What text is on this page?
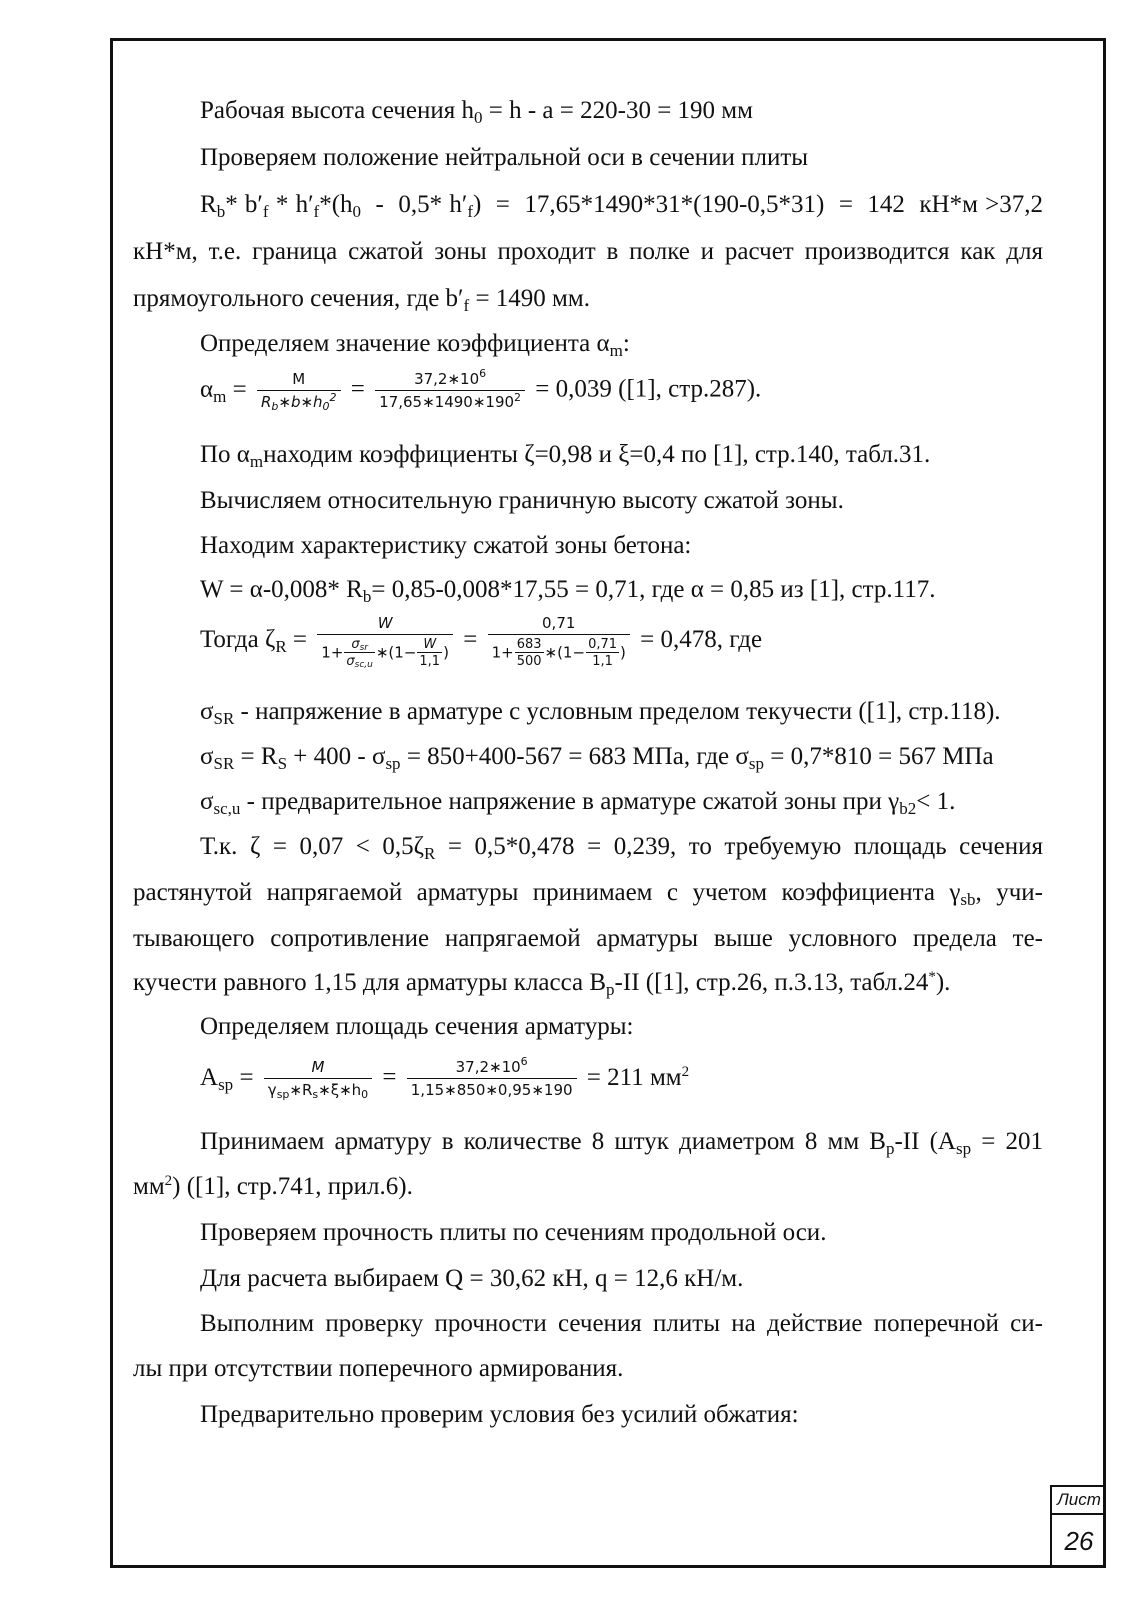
Рабочая высота сечения $h_0 = h - a = 220-30 = 190$ мм
Проверяем положение нейтральной оси в сечении плиты
$R_b*$ $b'_f * h'_f*(h_0 - 0,5*$ $h'_f) = 17,65*1490*31*(190-0,5*31) = 142$  кН*м >37,2
кН*м, т.е. граница сжатой зоны проходит в полке и расчет производится как для
прямоугольного сечения, где $b'_f = 1490$ мм.
Определяем значение коэффициента $\alpha_m$:
$\alpha_m = \frac{M}{R_b∗b∗h_0^2} = \frac{37,2∗10^6}{17,65∗1490∗190^2} = 0,039$ ([1], стр.287).
По $\alpha_mнаходим$ коэффициенты ζ=0,98 и ξ=0,4 по [1], стр.140, табл.31.
Вычисляем относительную граничную высоту сжатой зоны.
Находим характеристику сжатой зоны бетона:
W = α-0,008* $R_b= 0,85-0,008*17,55 = 0,71$, где α = 0,85 из [1], стр.117.
Тогда $\zeta_R = \frac{W}{1+ \frac{\sigma_{sr}}{\sigma_{sc,u}} ∗(1- \frac{W}{1,1} )} = \frac{0,71}{1+ \frac{683}{500} ∗(1- \frac{0,71}{1,1} )} = 0,478$, где
$\sigma_{SR}$ - напряжение в арматуре с условным пределом текучести ([1], стр.118).
$\sigma_{SR} = R_S + 400 - \sigma_{sp} = 850+400-567 = 683$ МПа, где $\sigma_{sp} = 0,7*810 = 567$ МПа
$\sigma_{sc,u}$ - предварительное напряжение в арматуре сжатой зоны при $\gamma_{b2}< 1$.
Т.к. $\zeta = 0,07 < 0,5\zeta_R = 0,5*0,478 = 0,239$, то требуемую площадь сечения
растянутой напрягаемой арматуры принимаем с учетом коэффициента $\gamma_{sb}$, учи-
тывающего сопротивление напрягаемой арматуры выше условного предела те-
кучести равного 1,15 для арматуры класса $B_p-II$ ([1], стр.26, п.3.13, табл.24*).
Определяем площадь сечения арматуры:
$A_{sp} = \frac{M}{\gamma_{sp}∗R_s∗\xi∗h_0} = \frac{37,2∗10^6}{1,15∗850∗0,95∗190} = 211$ $мм^2$
Принимаем арматуру в количестве 8 штук диаметром 8 мм $B_p-II$ ($A_{sp} = 201$
$мм^2$) ([1], стр.741, прил.6).
Проверяем прочность плиты по сечениям продольной оси.
Для расчета выбираем Q = 30,62 кН, q = 12,6 кН/м.
Выполним проверку прочности сечения плиты на действие поперечной си-
лы при отсутствии поперечного армирования.
Предварительно проверим условия без усилий обжатия:
Лист
26
